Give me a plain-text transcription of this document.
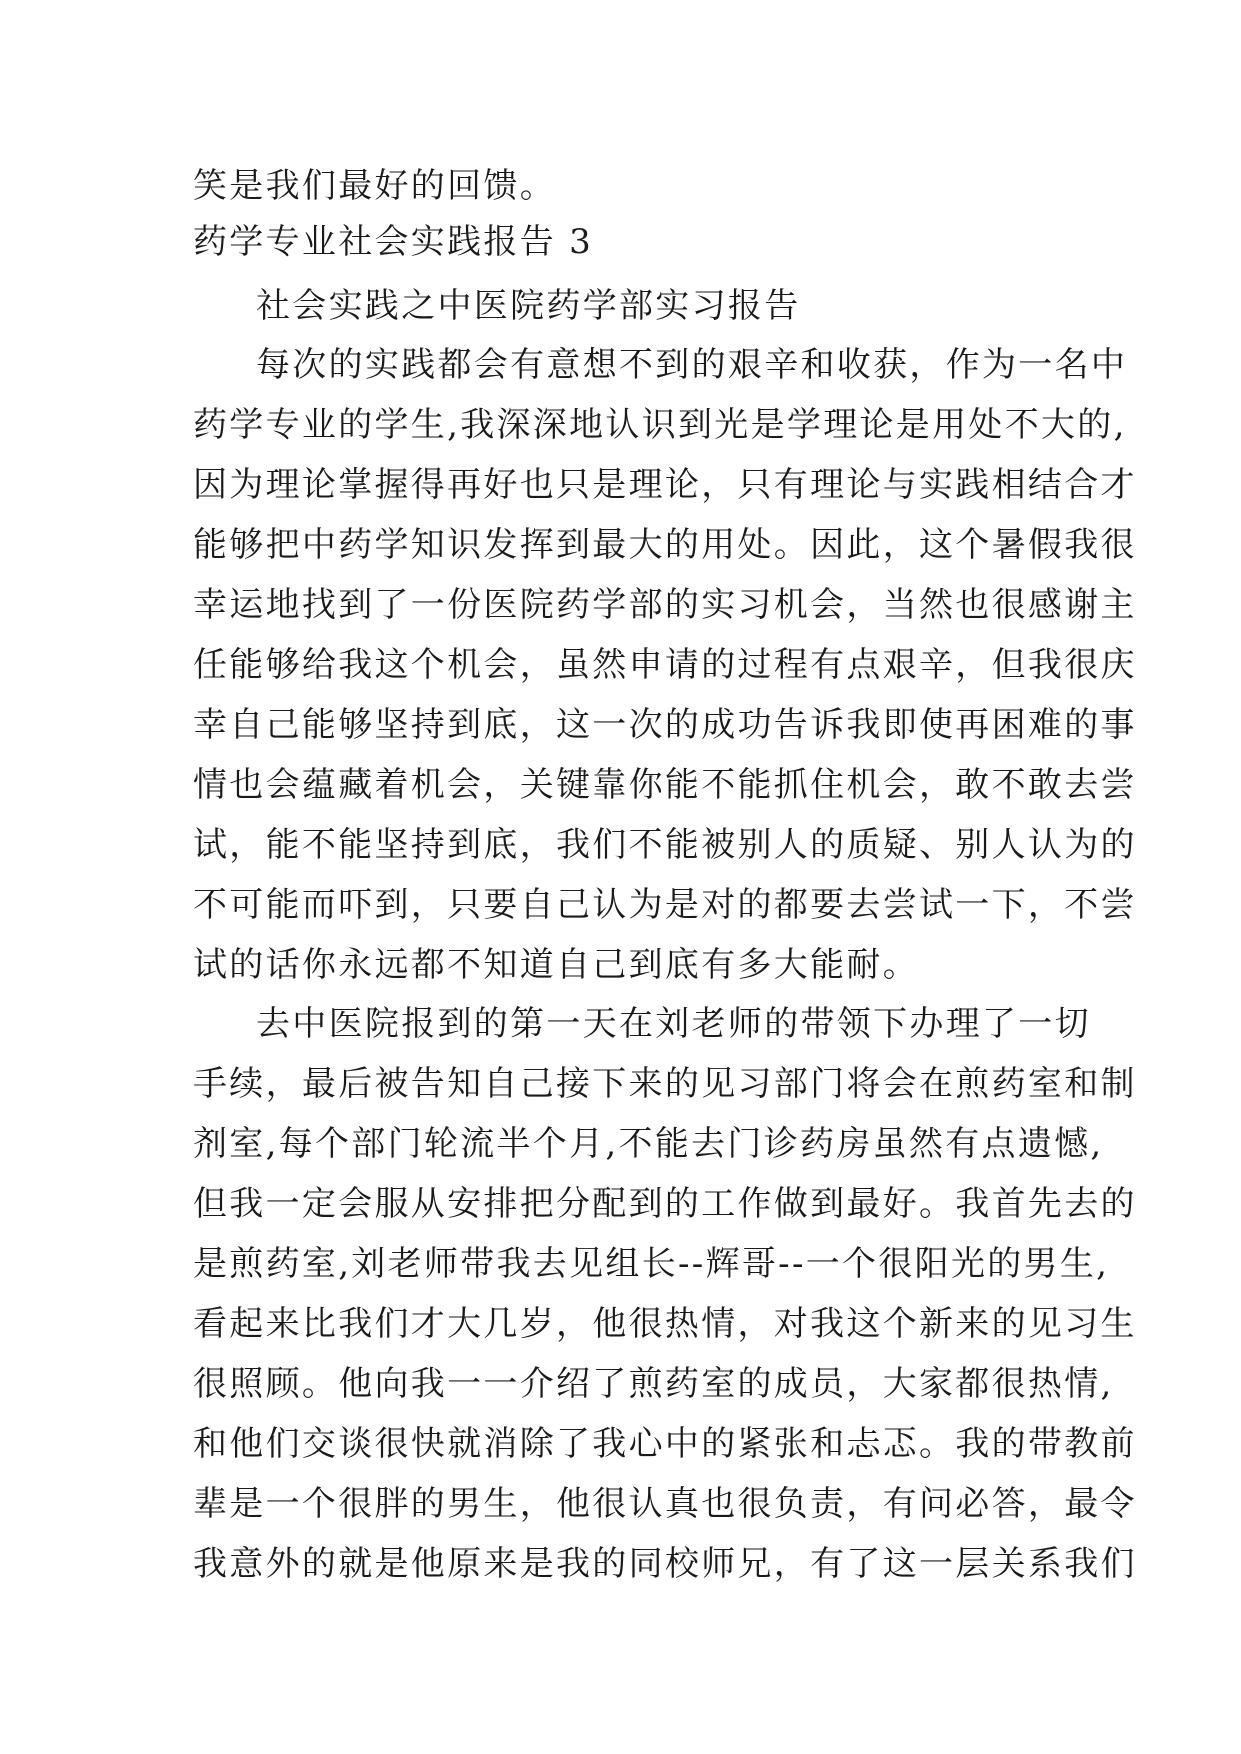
笑是我们最好的回馈。
药学专业社会实践报告 3
社会实践之中医院药学部实习报告
每次的实践都会有意想不到的艰辛和收获，作为一名中
药学专业的学生,我深深地认识到光是学理论是用处不大的,
因为理论掌握得再好也只是理论，只有理论与实践相结合才
能够把中药学知识发挥到最大的用处。因此，这个暑假我很
幸运地找到了一份医院药学部的实习机会，当然也很感谢主
任能够给我这个机会，虽然申请的过程有点艰辛，但我很庆
幸自己能够坚持到底，这一次的成功告诉我即使再困难的事
情也会蕴藏着机会，关键靠你能不能抓住机会，敢不敢去尝
试，能不能坚持到底，我们不能被别人的质疑、别人认为的
不可能而吓到，只要自己认为是对的都要去尝试一下，不尝
试的话你永远都不知道自己到底有多大能耐。
去中医院报到的第一天在刘老师的带领下办理了一切
手续，最后被告知自己接下来的见习部门将会在煎药室和制
剂室,每个部门轮流半个月,不能去门诊药房虽然有点遗憾,
但我一定会服从安排把分配到的工作做到最好。我首先去的
是煎药室,刘老师带我去见组长--辉哥--一个很阳光的男生,
看起来比我们才大几岁，他很热情，对我这个新来的见习生
很照顾。他向我一一介绍了煎药室的成员，大家都很热情,
和他们交谈很快就消除了我心中的紧张和忐忑。我的带教前
辈是一个很胖的男生，他很认真也很负责，有问必答，最令
我意外的就是他原来是我的同校师兄，有了这一层关系我们
